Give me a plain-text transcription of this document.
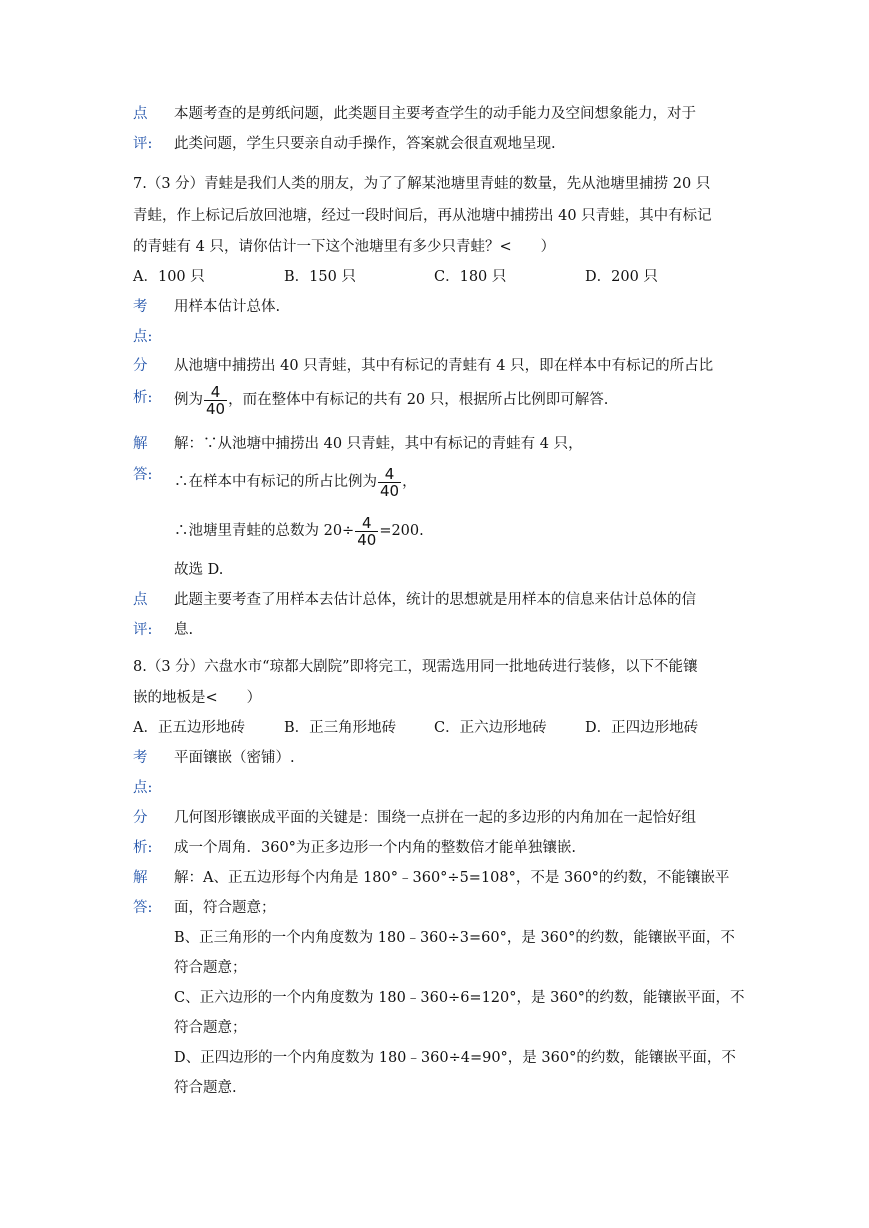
点
评:
本题考查的是剪纸问题，此类题目主要考查学生的动手能力及空间想象能力，对于
此类问题，学生只要亲自动手操作，答案就会很直观地呈现.
7.（3 分）青蛙是我们人类的朋友，为了了解某池塘里青蛙的数量，先从池塘里捕捞 20 只
青蛙，作上标记后放回池塘，经过一段时间后，再从池塘中捕捞出 40 只青蛙，其中有标记
的青蛙有 4 只，请你估计一下这个池塘里有多少只青蛙？<　　）
A．100 只	B．150 只	C．180 只	D．200 只
考
点:
用样本估计总体.
分
析:
从池塘中捕捞出 40 只青蛙，其中有标记的青蛙有 4 只，即在样本中有标记的所占比
例为 $\frac{4}{40}$ ，而在整体中有标记的共有 20 只，根据所占比例即可解答.
解
答:
解：∵从池塘中捕捞出 40 只青蛙，其中有标记的青蛙有 4 只，
∴在样本中有标记的所占比例为 $\frac{4}{40}$ ，
∴池塘里青蛙的总数为 $20\div \frac{4}{40} =200$.
故选 D.
点
评:
此题主要考查了用样本去估计总体，统计的思想就是用样本的信息来估计总体的信
息.
8.（3 分）六盘水市“琼都大剧院”即将完工，现需选用同一批地砖进行装修，以下不能镶
嵌的地板是<　　）
A．正五边形地砖	B．正三角形地砖	C．正六边形地砖	D．正四边形地砖
考
点:
平面镶嵌（密铺）.
分
析:
几何图形镶嵌成平面的关键是：围绕一点拼在一起的多边形的内角加在一起恰好组
成一个周角．360°为正多边形一个内角的整数倍才能单独镶嵌.
解
答:
解：A、正五边形每个内角是 180°﹣360°÷5=108°，不是 360°的约数，不能镶嵌平
面，符合题意；
B、正三角形的一个内角度数为 180﹣360÷3=60°，是 360°的约数，能镶嵌平面，不
符合题意；
C、正六边形的一个内角度数为 180﹣360÷6=120°，是 360°的约数，能镶嵌平面，不
符合题意；
D、正四边形的一个内角度数为 180﹣360÷4=90°，是 360°的约数，能镶嵌平面，不
符合题意.
